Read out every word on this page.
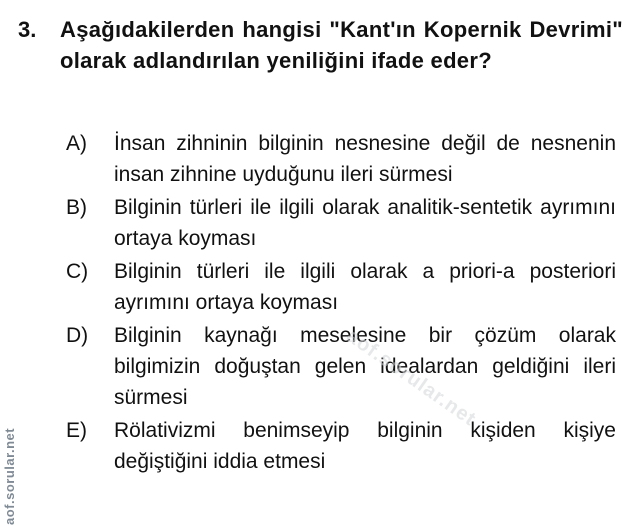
3.	Aşağıdakilerden hangisi "Kant'ın Kopernik Devrimi" olarak adlandırılan yeniliğini ifade eder?
A)	İnsan zihninin bilginin nesnesine değil de nesnenin insan zihnine uyduğunu ileri sürmesi
B)	Bilginin türleri ile ilgili olarak analitik-sentetik ayrımını ortaya koyması
C)	Bilginin türleri ile ilgili olarak a priori-a posteriori ayrımını ortaya koyması
D)	Bilginin kaynağı meselesine bir çözüm olarak bilgimizin doğuştan gelen idealardan geldiğini ileri sürmesi
E)	Rölativizmi benimseyip bilginin kişiden kişiye değiştiğini iddia etmesi
aof.sorular.net
aof.sorular.net
